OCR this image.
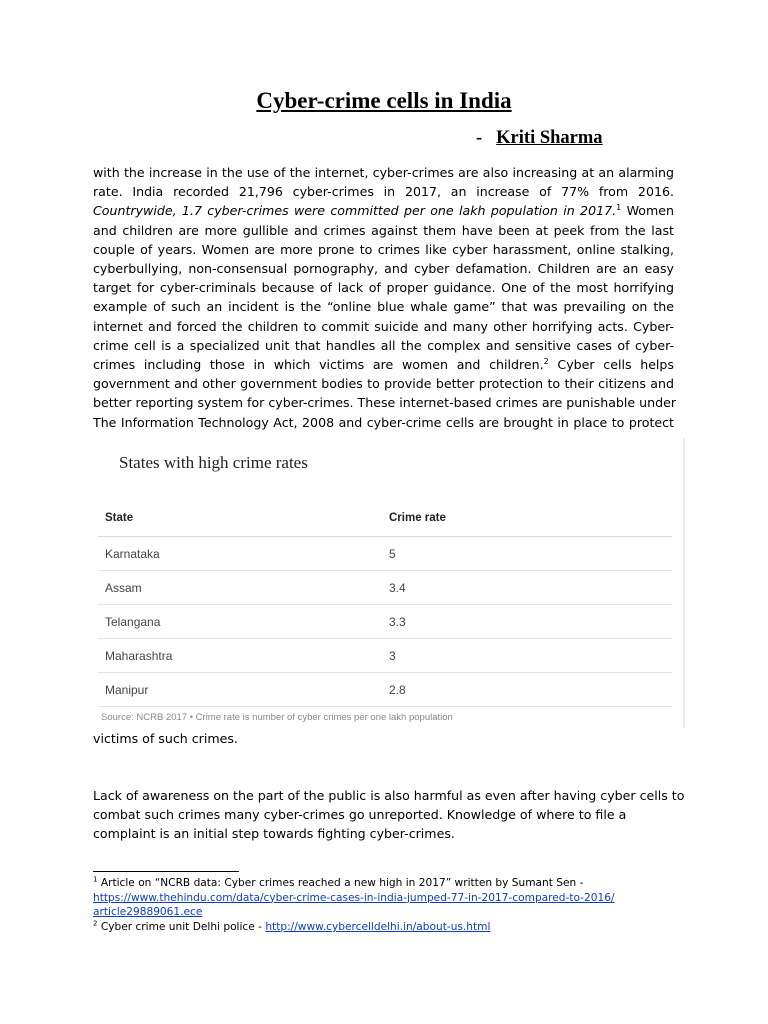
Cyber-crime cells in India
- Kriti Sharma
with the increase in the use of the internet, cyber-crimes are also increasing at an alarming
rate. India recorded 21,796 cyber-crimes in 2017, an increase of 77% from 2016.
Countrywide, 1.7 cyber-crimes were committed per one lakh population in 2017.$^1$ Women
and children are more gullible and crimes against them have been at peek from the last
couple of years. Women are more prone to crimes like cyber harassment, online stalking,
cyberbullying, non-consensual pornography, and cyber defamation. Children are an easy
target for cyber-criminals because of lack of proper guidance. One of the most horrifying
example of such an incident is the “online blue whale game” that was prevailing on the
internet and forced the children to commit suicide and many other horrifying acts. Cyber-
crime cell is a specialized unit that handles all the complex and sensitive cases of cyber-
crimes including those in which victims are women and children.$^2$ Cyber cells helps
government and other government bodies to provide better protection to their citizens and
better reporting system for cyber-crimes. These internet-based crimes are punishable under
The Information Technology Act, 2008 and cyber-crime cells are brought in place to protect
States with high crime rates
State	Crime rate
Karnataka	5
Assam	3.4
Telangana	3.3
Maharashtra	3
Manipur	2.8
Source: NCRB 2017 • Crime rate is number of cyber crimes per one lakh population
victims of such crimes.
Lack of awareness on the part of the public is also harmful as even after having cyber cells to
combat such crimes many cyber-crimes go unreported. Knowledge of where to file a
complaint is an initial step towards fighting cyber-crimes.
$^1$ Article on “NCRB data: Cyber crimes reached a new high in 2017” written by Sumant Sen -
https://www.thehindu.com/data/cyber-crime-cases-in-india-jumped-77-in-2017-compared-to-2016/
article29889061.ece
$^2$ Cyber crime unit Delhi police - http://www.cybercelldelhi.in/about-us.html
